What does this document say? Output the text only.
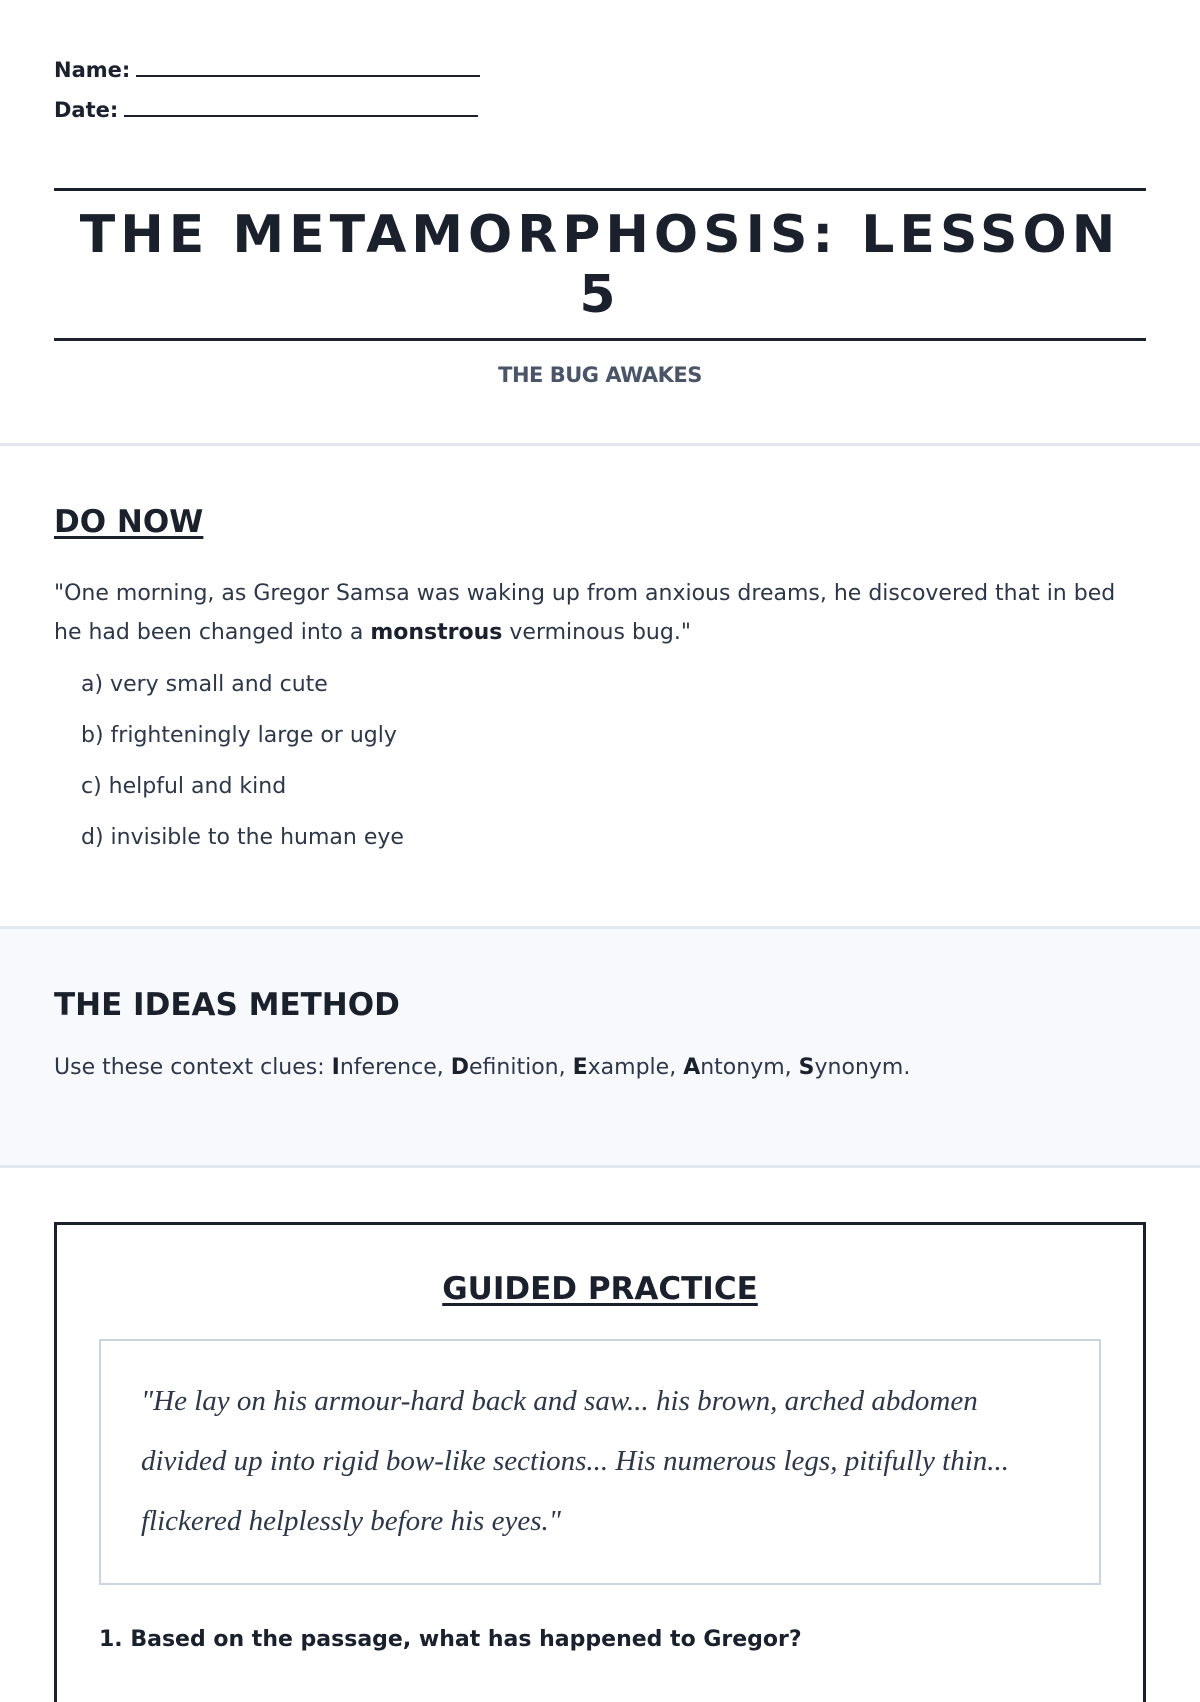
Name:
Date:
THE METAMORPHOSIS: LESSON 5
THE BUG AWAKES
DO NOW
"One morning, as Gregor Samsa was waking up from anxious dreams, he discovered that in bed he had been changed into a monstrous verminous bug."
a) very small and cute
b) frighteningly large or ugly
c) helpful and kind
d) invisible to the human eye
THE IDEAS METHOD
Use these context clues: Inference, Definition, Example, Antonym, Synonym.
GUIDED PRACTICE
"He lay on his armour-hard back and saw... his brown, arched abdomen divided up into rigid bow-like sections... His numerous legs, pitifully thin... flickered helplessly before his eyes."
1. Based on the passage, what has happened to Gregor?
